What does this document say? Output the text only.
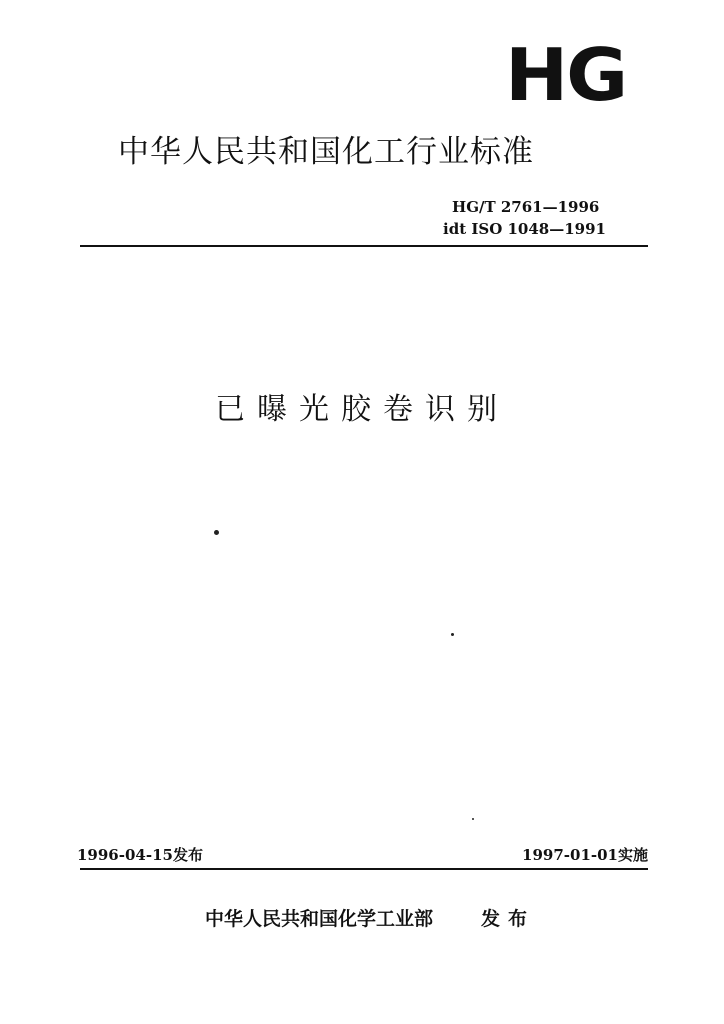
HG
中华人民共和国化工行业标准
HG/T 2761—1996
idt ISO 1048—1991
已曝光胶卷识别
1996-04-15发布	1997-01-01实施
中华人民共和国化学工业部	发布
